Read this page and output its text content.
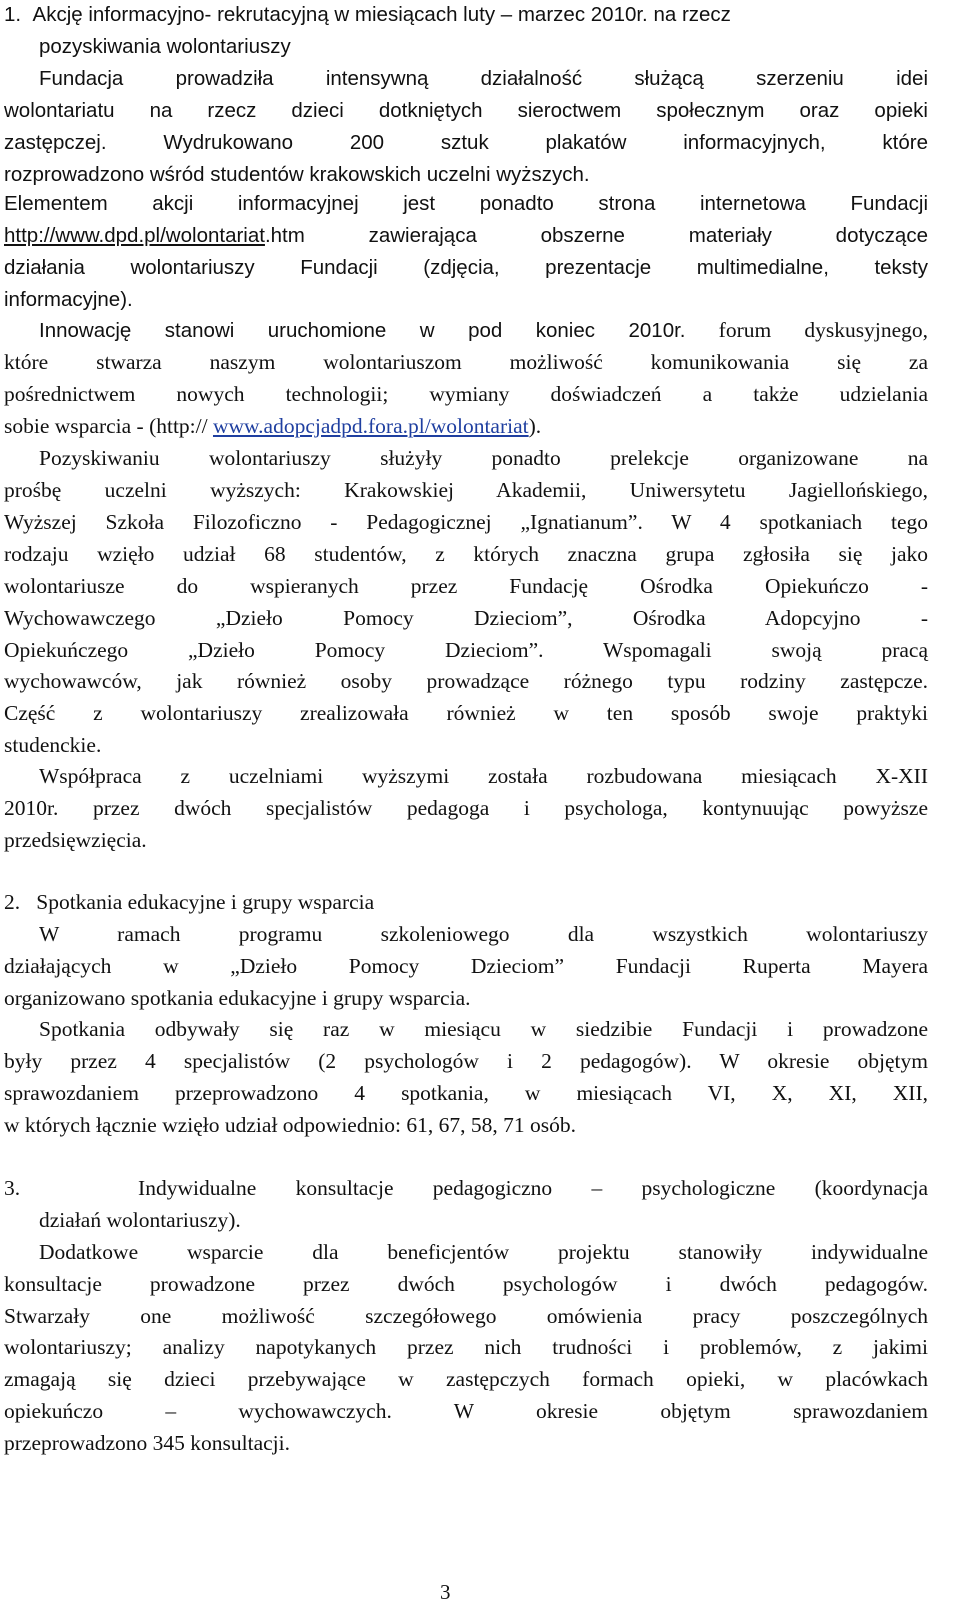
1. Akcję informacyjno- rekrutacyjną w miesiącach luty – marzec 2010r. na rzecz
pozyskiwania wolontariuszy
Fundacja prowadziła intensywną działalność służącą szerzeniu idei
wolontariatu na rzecz dzieci dotkniętych sieroctwem społecznym oraz opieki
zastępczej. Wydrukowano 200 sztuk plakatów informacyjnych, które
rozprowadzono wśród studentów krakowskich uczelni wyższych.
Elementem akcji informacyjnej jest ponadto strona internetowa Fundacji
http://www.dpd.pl/wolontariat.htm zawierająca obszerne materiały dotyczące
działania wolontariuszy Fundacji (zdjęcia, prezentacje multimedialne, teksty
informacyjne).
Innowację stanowi uruchomione w pod koniec 2010r. forum dyskusyjnego,
które stwarza naszym wolontariuszom możliwość komunikowania się za
pośrednictwem nowych technologii; wymiany doświadczeń a także udzielania
sobie wsparcia - (http:// www.adopcjadpd.fora.pl/wolontariat).
Pozyskiwaniu wolontariuszy służyły ponadto prelekcje organizowane na
prośbę uczelni wyższych: Krakowskiej Akademii, Uniwersytetu Jagiellońskiego,
Wyższej Szkoła Filozoficzno - Pedagogicznej „Ignatianum”. W 4 spotkaniach tego
rodzaju wzięło udział 68 studentów, z których znaczna grupa zgłosiła się jako
wolontariusze do wspieranych przez Fundację Ośrodka Opiekuńczo -
Wychowawczego „Dzieło Pomocy Dzieciom”, Ośrodka Adopcyjno -
Opiekuńczego „Dzieło Pomocy Dzieciom”. Wspomagali swoją pracą
wychowawców, jak również osoby prowadzące różnego typu rodziny zastępcze.
Część z wolontariuszy zrealizowała również w ten sposób swoje praktyki
studenckie.
Współpraca z uczelniami wyższymi została rozbudowana miesiącach X-XII
2010r. przez dwóch specjalistów pedagoga i psychologa, kontynuując powyższe
przedsięwzięcia.
2. Spotkania edukacyjne i grupy wsparcia
W ramach programu szkoleniowego dla wszystkich wolontariuszy
działających w „Dzieło Pomocy Dzieciom” Fundacji Ruperta Mayera
organizowano spotkania edukacyjne i grupy wsparcia.
Spotkania odbywały się raz w miesiącu w siedzibie Fundacji i prowadzone
były przez 4 specjalistów (2 psychologów i 2 pedagogów). W okresie objętym
sprawozdaniem przeprowadzono 4 spotkania, w miesiącach VI, X, XI, XII,
w których łącznie wzięło udział odpowiednio: 61, 67, 58, 71 osób.
3.	Indywidualne konsultacje pedagogiczno – psychologiczne (koordynacja
działań wolontariuszy).
Dodatkowe wsparcie dla beneficjentów projektu stanowiły indywidualne
konsultacje prowadzone przez dwóch psychologów i dwóch pedagogów.
Stwarzały one możliwość szczegółowego omówienia pracy poszczególnych
wolontariuszy; analizy napotykanych przez nich trudności i problemów, z jakimi
zmagają się dzieci przebywające w zastępczych formach opieki, w placówkach
opiekuńczo – wychowawczych. W okresie objętym sprawozdaniem
przeprowadzono 345 konsultacji.
3
